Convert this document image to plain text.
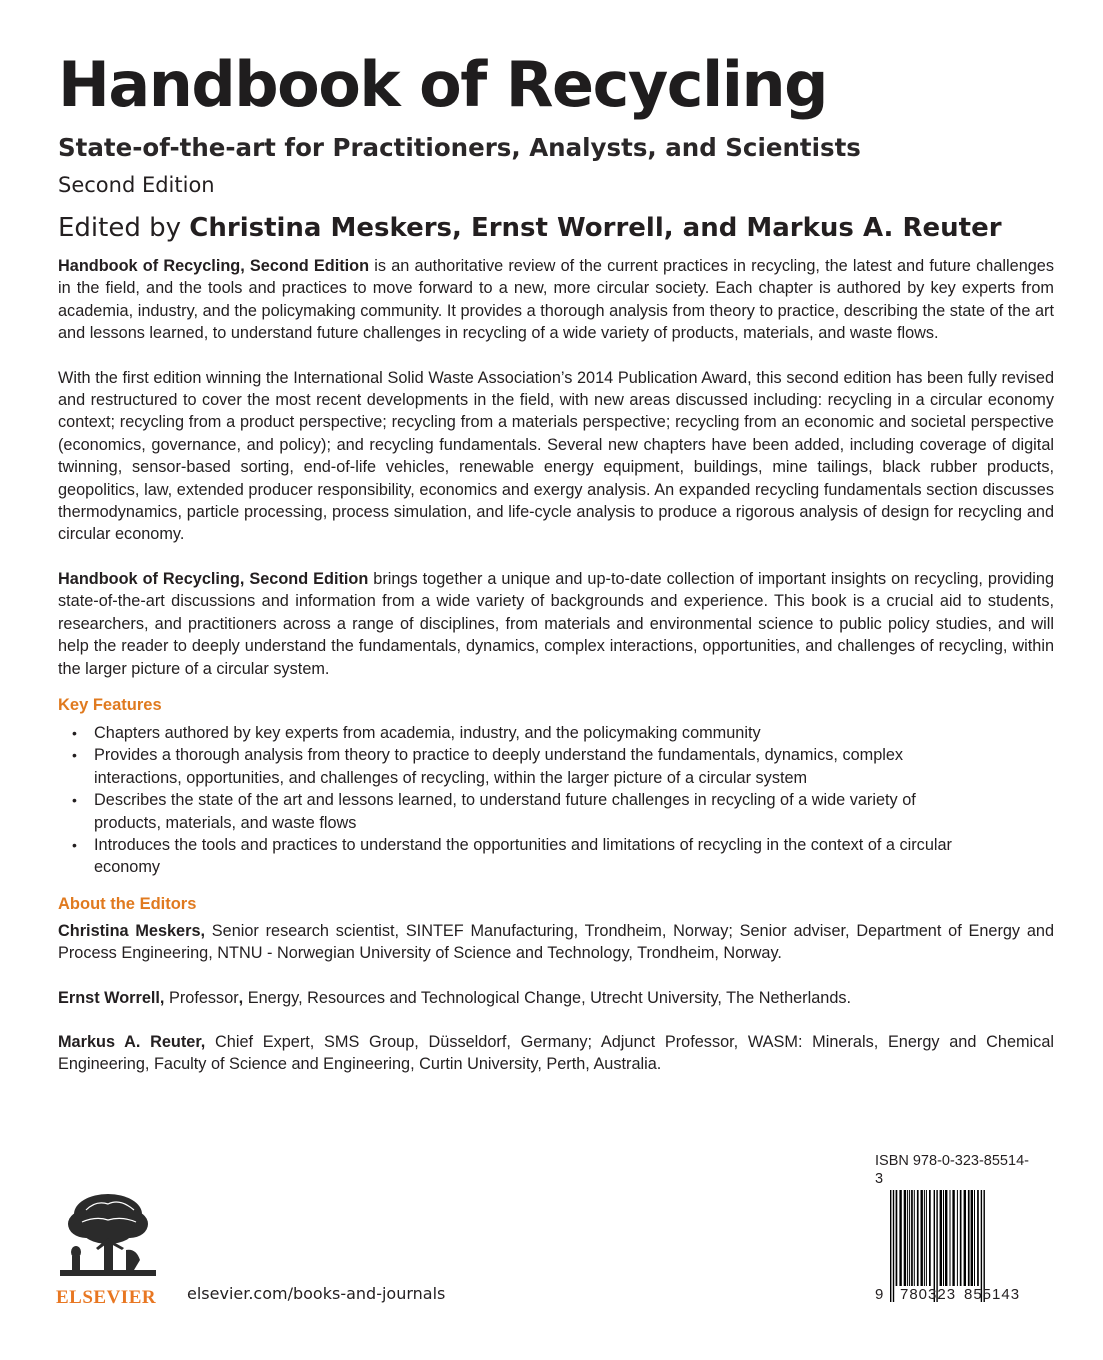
Handbook of Recycling
State-of-the-art for Practitioners, Analysts, and Scientists
Second Edition
Edited by Christina Meskers, Ernst Worrell, and Markus A. Reuter

Handbook of Recycling, Second Edition is an authoritative review of the current practices in recycling, the latest and future challenges in the field, and the tools and practices to move forward to a new, more circular society. Each chapter is authored by key experts from academia, industry, and the policymaking community. It provides a thorough analysis from theory to practice, describing the state of the art and lessons learned, to understand future challenges in recycling of a wide variety of products, materials, and waste flows.

With the first edition winning the International Solid Waste Association’s 2014 Publication Award, this second edition has been fully revised and restructured to cover the most recent developments in the field, with new areas discussed including: recycling in a circular economy context; recycling from a product perspective; recycling from a materials perspective; recycling from an economic and societal perspective (economics, governance, and policy); and recycling fundamentals. Several new chapters have been added, including coverage of digital twinning, sensor-based sorting, end-of-life vehicles, renewable energy equipment, buildings, mine tailings, black rubber products, geopolitics, law, extended producer responsibility, economics and exergy analysis. An expanded recycling fundamentals section discusses thermodynamics, particle processing, process simulation, and life-cycle analysis to produce a rigorous analysis of design for recycling and circular economy.

Handbook of Recycling, Second Edition brings together a unique and up-to-date collection of important insights on recycling, providing state-of-the-art discussions and information from a wide variety of backgrounds and experience. This book is a crucial aid to students, researchers, and practitioners across a range of disciplines, from materials and environmental science to public policy studies, and will help the reader to deeply understand the fundamentals, dynamics, complex interactions, opportunities, and challenges of recycling, within the larger picture of a circular system.

Key Features
• Chapters authored by key experts from academia, industry, and the policymaking community
• Provides a thorough analysis from theory to practice to deeply understand the fundamentals, dynamics, complex interactions, opportunities, and challenges of recycling, within the larger picture of a circular system
• Describes the state of the art and lessons learned, to understand future challenges in recycling of a wide variety of products, materials, and waste flows
• Introduces the tools and practices to understand the opportunities and limitations of recycling in the context of a circular economy
About the Editors

Christina Meskers, Senior research scientist, SINTEF Manufacturing, Trondheim, Norway; Senior adviser, Department of Energy and Process Engineering, NTNU - Norwegian University of Science and Technology, Trondheim, Norway.

Ernst Worrell, Professor, Energy, Resources and Technological Change, Utrecht University, The Netherlands.

Markus A. Reuter, Chief Expert, SMS Group, Düsseldorf, Germany; Adjunct Professor, WASM: Minerals, Energy and Chemical Engineering, Faculty of Science and Engineering, Curtin University, Perth, Australia.

ISBN 978-0-323-85514-3
9 780323 855143
ELSEVIER elsevier.com/books-and-journals
